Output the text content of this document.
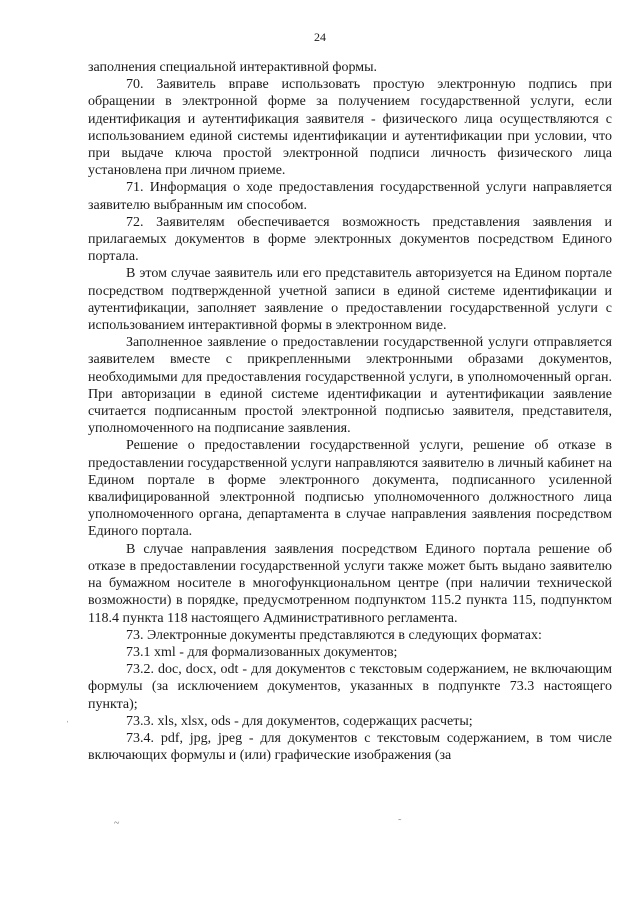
24

заполнения специальной интерактивной формы.

70. Заявитель вправе использовать простую электронную подпись при обращении в электронной форме за получением государственной услуги, если идентификация и аутентификация заявителя - физического лица осуществляются с использованием единой системы идентификации и аутентификации при условии, что при выдаче ключа простой электронной подписи личность физического лица установлена при личном приеме.

71. Информация о ходе предоставления государственной услуги направляется заявителю выбранным им способом.

72. Заявителям обеспечивается возможность представления заявления и прилагаемых документов в форме электронных документов посредством Единого портала.

В этом случае заявитель или его представитель авторизуется на Едином портале посредством подтвержденной учетной записи в единой системе идентификации и аутентификации, заполняет заявление о предоставлении государственной услуги с использованием интерактивной формы в электронном виде.

Заполненное заявление о предоставлении государственной услуги отправляется заявителем вместе с прикрепленными электронными образами документов, необходимыми для предоставления государственной услуги, в уполномоченный орган. При авторизации в единой системе идентификации и аутентификации заявление считается подписанным простой электронной подписью заявителя, представителя, уполномоченного на подписание заявления.

Решение о предоставлении государственной услуги, решение об отказе в предоставлении государственной услуги направляются заявителю в личный кабинет на Едином портале в форме электронного документа, подписанного усиленной квалифицированной электронной подписью уполномоченного должностного лица уполномоченного органа, департамента в случае направления заявления посредством Единого портала.

В случае направления заявления посредством Единого портала решение об отказе в предоставлении государственной услуги также может быть выдано заявителю на бумажном носителе в многофункциональном центре (при наличии технической возможности) в порядке, предусмотренном подпунктом 115.2 пункта 115, подпунктом 118.4 пункта 118 настоящего Административного регламента.

73. Электронные документы представляются в следующих форматах:

73.1 xml - для формализованных документов;

73.2. doc, docx, odt - для документов с текстовым содержанием, не включающим формулы (за исключением документов, указанных в подпункте 73.3 настоящего пункта);

73.3. xls, xlsx, ods - для документов, содержащих расчеты;

73.4. pdf, jpg, jpeg - для документов с текстовым содержанием, в том числе включающих формулы и (или) графические изображения (за

ˌ
~	˜
